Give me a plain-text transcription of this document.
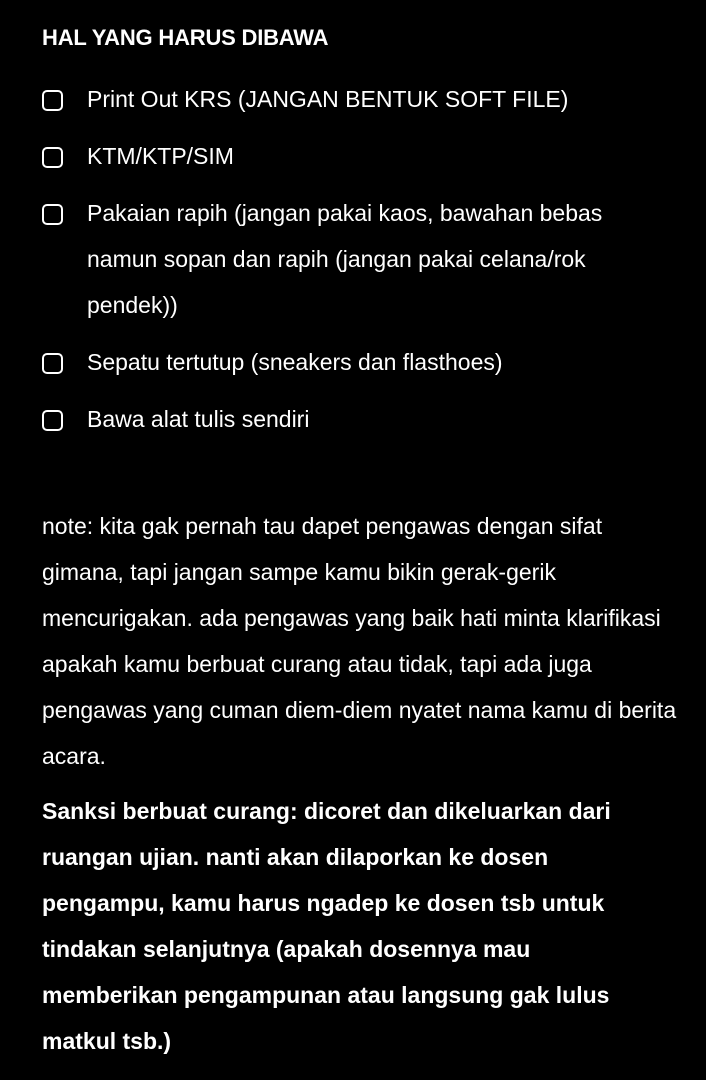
HAL YANG HARUS DIBAWA
Print Out KRS (JANGAN BENTUK SOFT FILE)
KTM/KTP/SIM
Pakaian rapih (jangan pakai kaos, bawahan bebas namun sopan dan rapih (jangan pakai celana/rok pendek))
Sepatu tertutup (sneakers dan flasthoes)
Bawa alat tulis sendiri
note: kita gak pernah tau dapet pengawas dengan sifat gimana, tapi jangan sampe kamu bikin gerak-gerik mencurigakan. ada pengawas yang baik hati minta klarifikasi apakah kamu berbuat curang atau tidak, tapi ada juga pengawas yang cuman diem-diem nyatet nama kamu di berita acara.
Sanksi berbuat curang: dicoret dan dikeluarkan dari ruangan ujian. nanti akan dilaporkan ke dosen pengampu, kamu harus ngadep ke dosen tsb untuk tindakan selanjutnya (apakah dosennya mau memberikan pengampunan atau langsung gak lulus matkul tsb.)
